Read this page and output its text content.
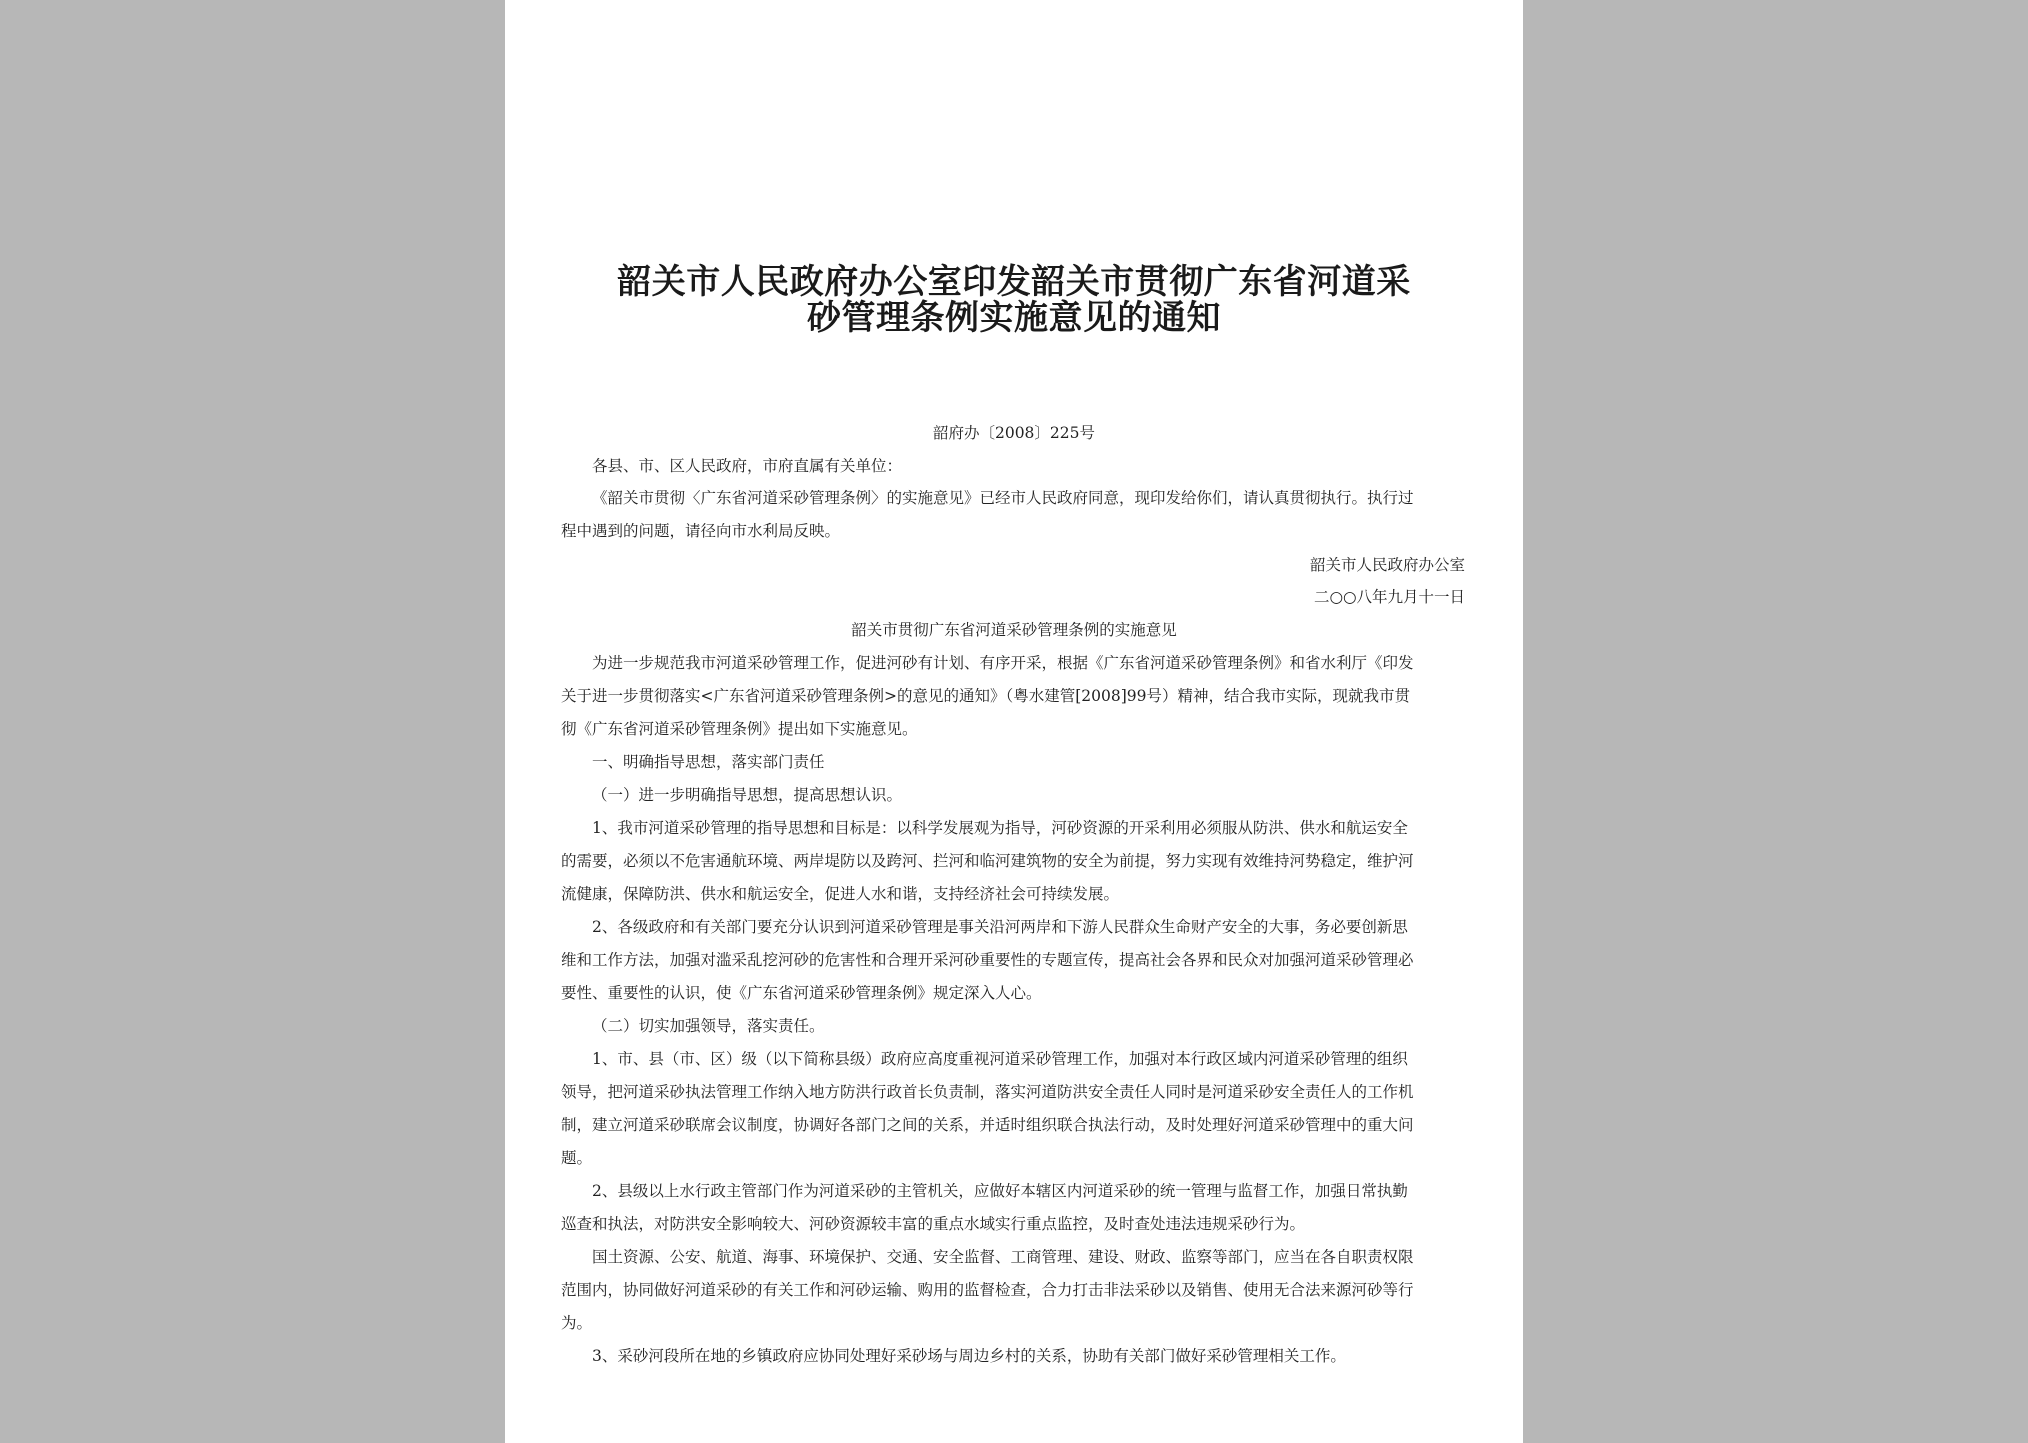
韶关市人民政府办公室印发韶关市贯彻广东省河道采
砂管理条例实施意见的通知
韶府办〔2008〕225号
各县、市、区人民政府，市府直属有关单位：
《韶关市贯彻〈广东省河道采砂管理条例〉的实施意见》已经市人民政府同意，现印发给你们，请认真贯彻执行。执行过
程中遇到的问题，请径向市水利局反映。
韶关市人民政府办公室
二○○八年九月十一日
韶关市贯彻广东省河道采砂管理条例的实施意见
为进一步规范我市河道采砂管理工作，促进河砂有计划、有序开采，根据《广东省河道采砂管理条例》和省水利厅《印发
关于进一步贯彻落实<广东省河道采砂管理条例>的意见的通知》（粤水建管[2008]99号）精神，结合我市实际，现就我市贯
彻《广东省河道采砂管理条例》提出如下实施意见。
一、明确指导思想，落实部门责任
（一）进一步明确指导思想，提高思想认识。
1、我市河道采砂管理的指导思想和目标是：以科学发展观为指导，河砂资源的开采利用必须服从防洪、供水和航运安全
的需要，必须以不危害通航环境、两岸堤防以及跨河、拦河和临河建筑物的安全为前提，努力实现有效维持河势稳定，维护河
流健康，保障防洪、供水和航运安全，促进人水和谐，支持经济社会可持续发展。
2、各级政府和有关部门要充分认识到河道采砂管理是事关沿河两岸和下游人民群众生命财产安全的大事，务必要创新思
维和工作方法，加强对滥采乱挖河砂的危害性和合理开采河砂重要性的专题宣传，提高社会各界和民众对加强河道采砂管理必
要性、重要性的认识，使《广东省河道采砂管理条例》规定深入人心。
（二）切实加强领导，落实责任。
1、市、县（市、区）级（以下简称县级）政府应高度重视河道采砂管理工作，加强对本行政区域内河道采砂管理的组织
领导，把河道采砂执法管理工作纳入地方防洪行政首长负责制，落实河道防洪安全责任人同时是河道采砂安全责任人的工作机
制，建立河道采砂联席会议制度，协调好各部门之间的关系，并适时组织联合执法行动，及时处理好河道采砂管理中的重大问
题。
2、县级以上水行政主管部门作为河道采砂的主管机关，应做好本辖区内河道采砂的统一管理与监督工作，加强日常执勤
巡查和执法，对防洪安全影响较大、河砂资源较丰富的重点水域实行重点监控，及时查处违法违规采砂行为。
国土资源、公安、航道、海事、环境保护、交通、安全监督、工商管理、建设、财政、监察等部门，应当在各自职责权限
范围内，协同做好河道采砂的有关工作和河砂运输、购用的监督检查，合力打击非法采砂以及销售、使用无合法来源河砂等行
为。
3、采砂河段所在地的乡镇政府应协同处理好采砂场与周边乡村的关系，协助有关部门做好采砂管理相关工作。
